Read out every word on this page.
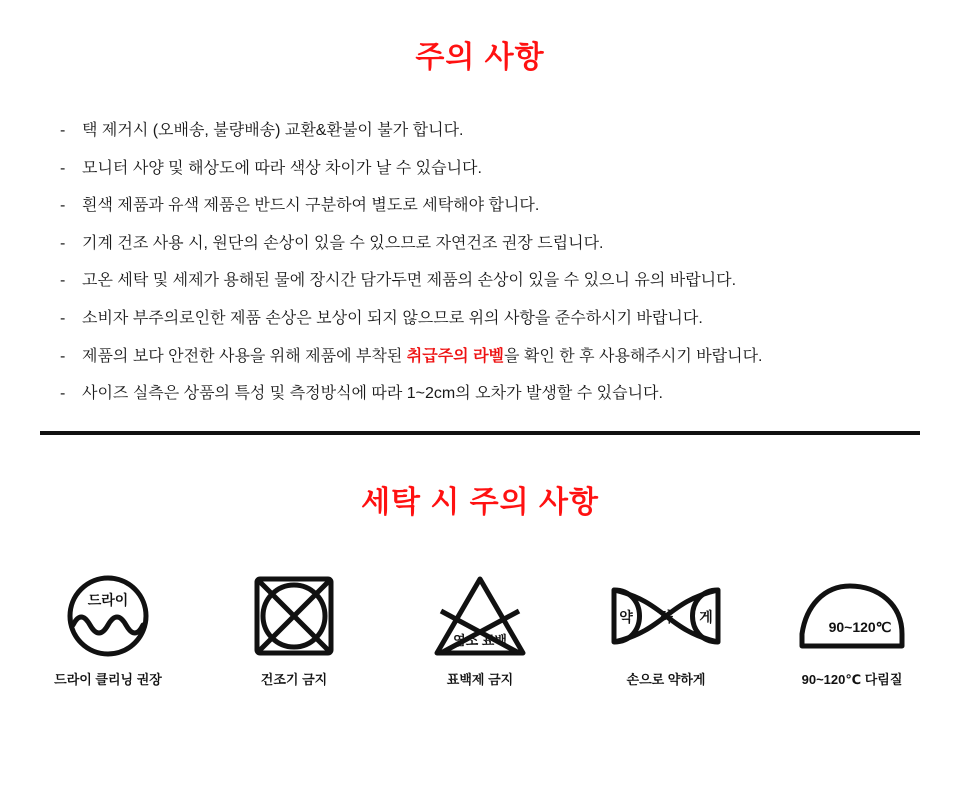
주의 사항
- 택 제거시 (오배송, 불량배송) 교환&환불이 불가 합니다.
- 모니터 사양 및 해상도에 따라 색상 차이가 날 수 있습니다.
- 흰색 제품과 유색 제품은 반드시 구분하여 별도로 세탁해야 합니다.
- 기계 건조 사용 시, 원단의 손상이 있을 수 있으므로 자연건조 권장 드립니다.
- 고온 세탁 및 세제가 용해된 물에 장시간 담가두면 제품의 손상이 있을 수 있으니 유의 바랍니다.
- 소비자 부주의로인한 제품 손상은 보상이 되지 않으므로 위의 사항을 준수하시기 바랍니다.
- 제품의 보다 안전한 사용을 위해 제품에 부착된 취급주의 라벨을 확인 한 후 사용해주시기 바랍니다.
- 사이즈 실측은 상품의 특성 및 측정방식에 따라 1~2cm의 오차가 발생할 수 있습니다.
세탁 시 주의 사항
드라이
드라이 클리닝 권장	건조기 금지
염소 표백
표백제 금지
약 하 게
손으로 약하게
90~120℃
90~120℃ 다림질
